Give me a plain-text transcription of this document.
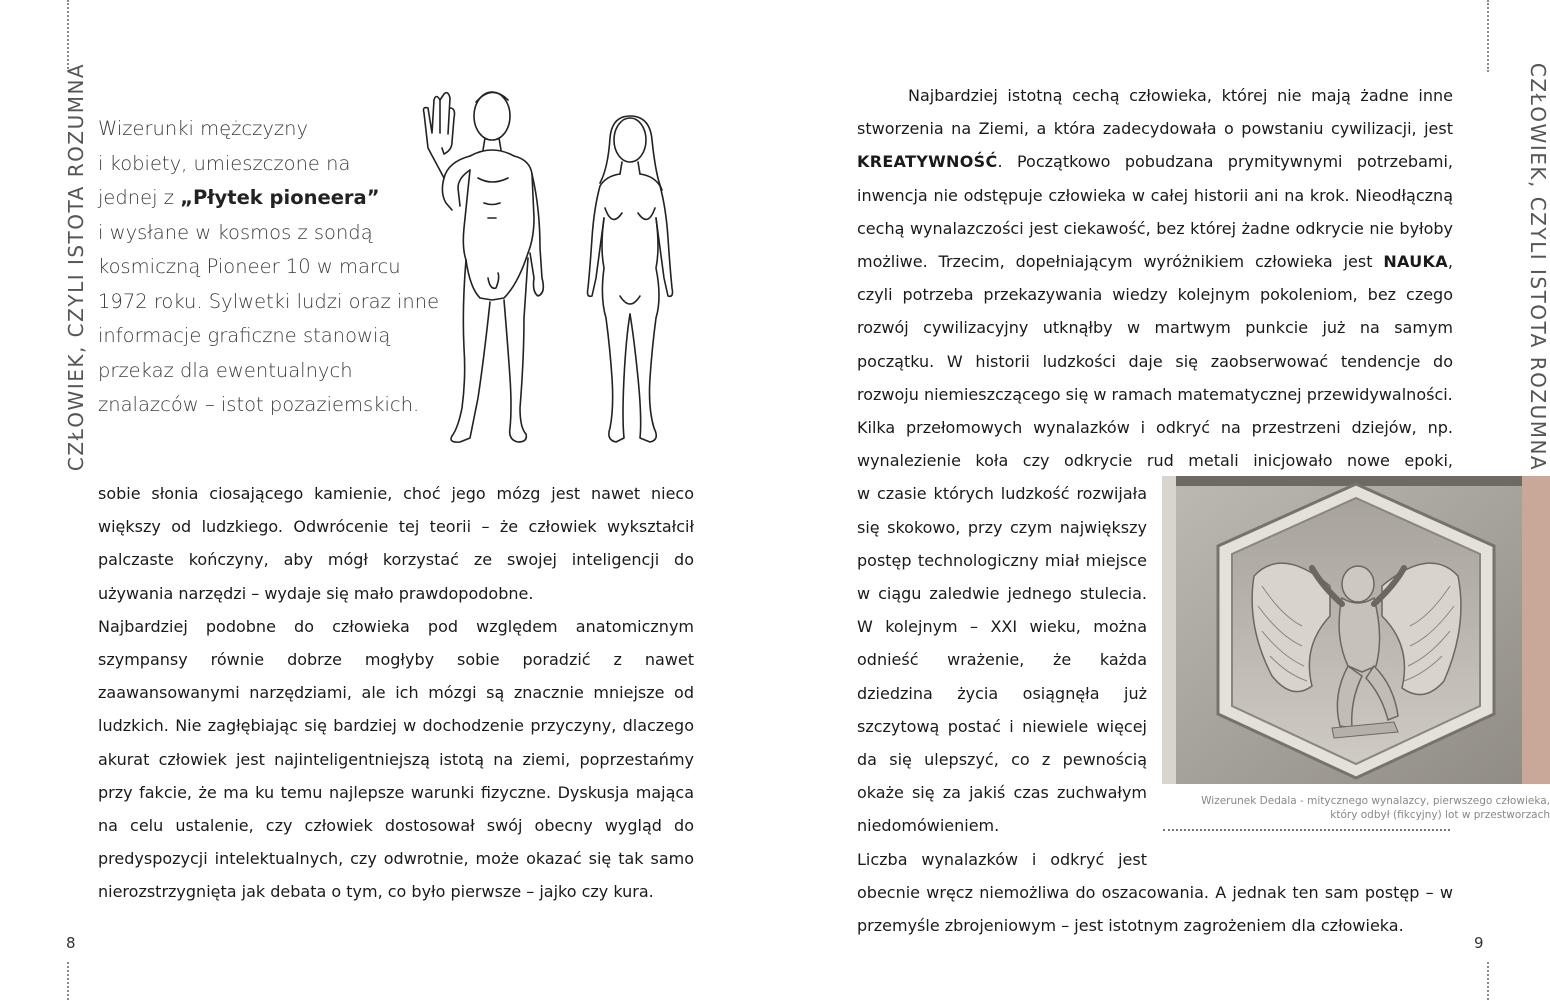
CZŁOWIEK, CZYLI ISTOTA ROZUMNA
8
Wizerunki mężczyzny
i kobiety, umieszczone na
jednej z „Płytek pioneera”
i wysłane w kosmos z sondą
kosmiczną Pioneer 10 w marcu
1972 roku. Sylwetki ludzi oraz inne
informacje graficzne stanowią
przekaz dla ewentualnych
znalazców – istot pozaziemskich.

sobie słonia ciosającego kamienie, choć jego mózg jest nawet nieco większy od ludzkiego. Odwrócenie tej teorii – że człowiek wykształcił palczaste kończyny, aby mógł korzystać ze swojej inteligencji do używania narzędzi – wydaje się mało prawdopodobne.

Najbardziej podobne do człowieka pod względem anatomicznym szympansy równie dobrze mogłyby sobie poradzić z nawet zaawansowanymi narzędziami, ale ich mózgi są znacznie mniejsze od ludzkich. Nie zagłębiając się bardziej w dochodzenie przyczyny, dlaczego akurat człowiek jest najinteligentniejszą istotą na ziemi, poprzestańmy przy fakcie, że ma ku temu najlepsze warunki fizyczne. Dyskusja mająca na celu ustalenie, czy człowiek dostosował swój obecny wygląd do predyspozycji intelektualnych, czy odwrotnie, może okazać się tak samo nierozstrzygnięta jak debata o tym, co było pierwsze – jajko czy kura.

CZŁOWIEK, CZYLI ISTOTA ROZUMNA
9

Najbardziej istotną cechą człowieka, której nie mają żadne inne stworzenia na Ziemi, a która zadecydowała o powstaniu cywilizacji, jest KREATYWNOŚĆ. Początkowo pobudzana prymitywnymi potrzebami, inwencja nie odstępuje człowieka w całej historii ani na krok. Nieodłączną cechą wynalazczości jest ciekawość, bez której żadne odkrycie nie byłoby możliwe. Trzecim, dopełniającym wyróżnikiem człowieka jest NAUKA, czyli potrzeba przekazywania wiedzy kolejnym pokoleniom, bez czego rozwój cywilizacyjny utknąłby w martwym punkcie już na samym początku. W historii ludzkości daje się zaobserwować tendencje do rozwoju niemieszczącego się w ramach matematycznej przewidywalności.

Kilka przełomowych wynalazków i odkryć na przestrzeni dziejów, np. wynalezienie koła czy odkrycie rud metali inicjowało nowe epoki,

w czasie których ludzkość rozwijała się skokowo, przy czym największy postęp technologiczny miał miejsce w ciągu zaledwie jednego stulecia. W kolejnym – XXI wieku, można odnieść wrażenie, że każda dziedzina życia osiągnęła już szczytową postać i niewiele więcej da się ulepszyć, co z pewnością okaże się za jakiś czas zuchwałym niedomówieniem.

Liczba wynalazków i odkryć jest

obecnie wręcz niemożliwa do oszacowania. A jednak ten sam postęp – w przemyśle zbrojeniowym – jest istotnym zagrożeniem dla człowieka.

Wizerunek Dedala - mitycznego wynalazcy, pierwszego człowieka,
który odbył (fikcyjny) lot w przestworzach
